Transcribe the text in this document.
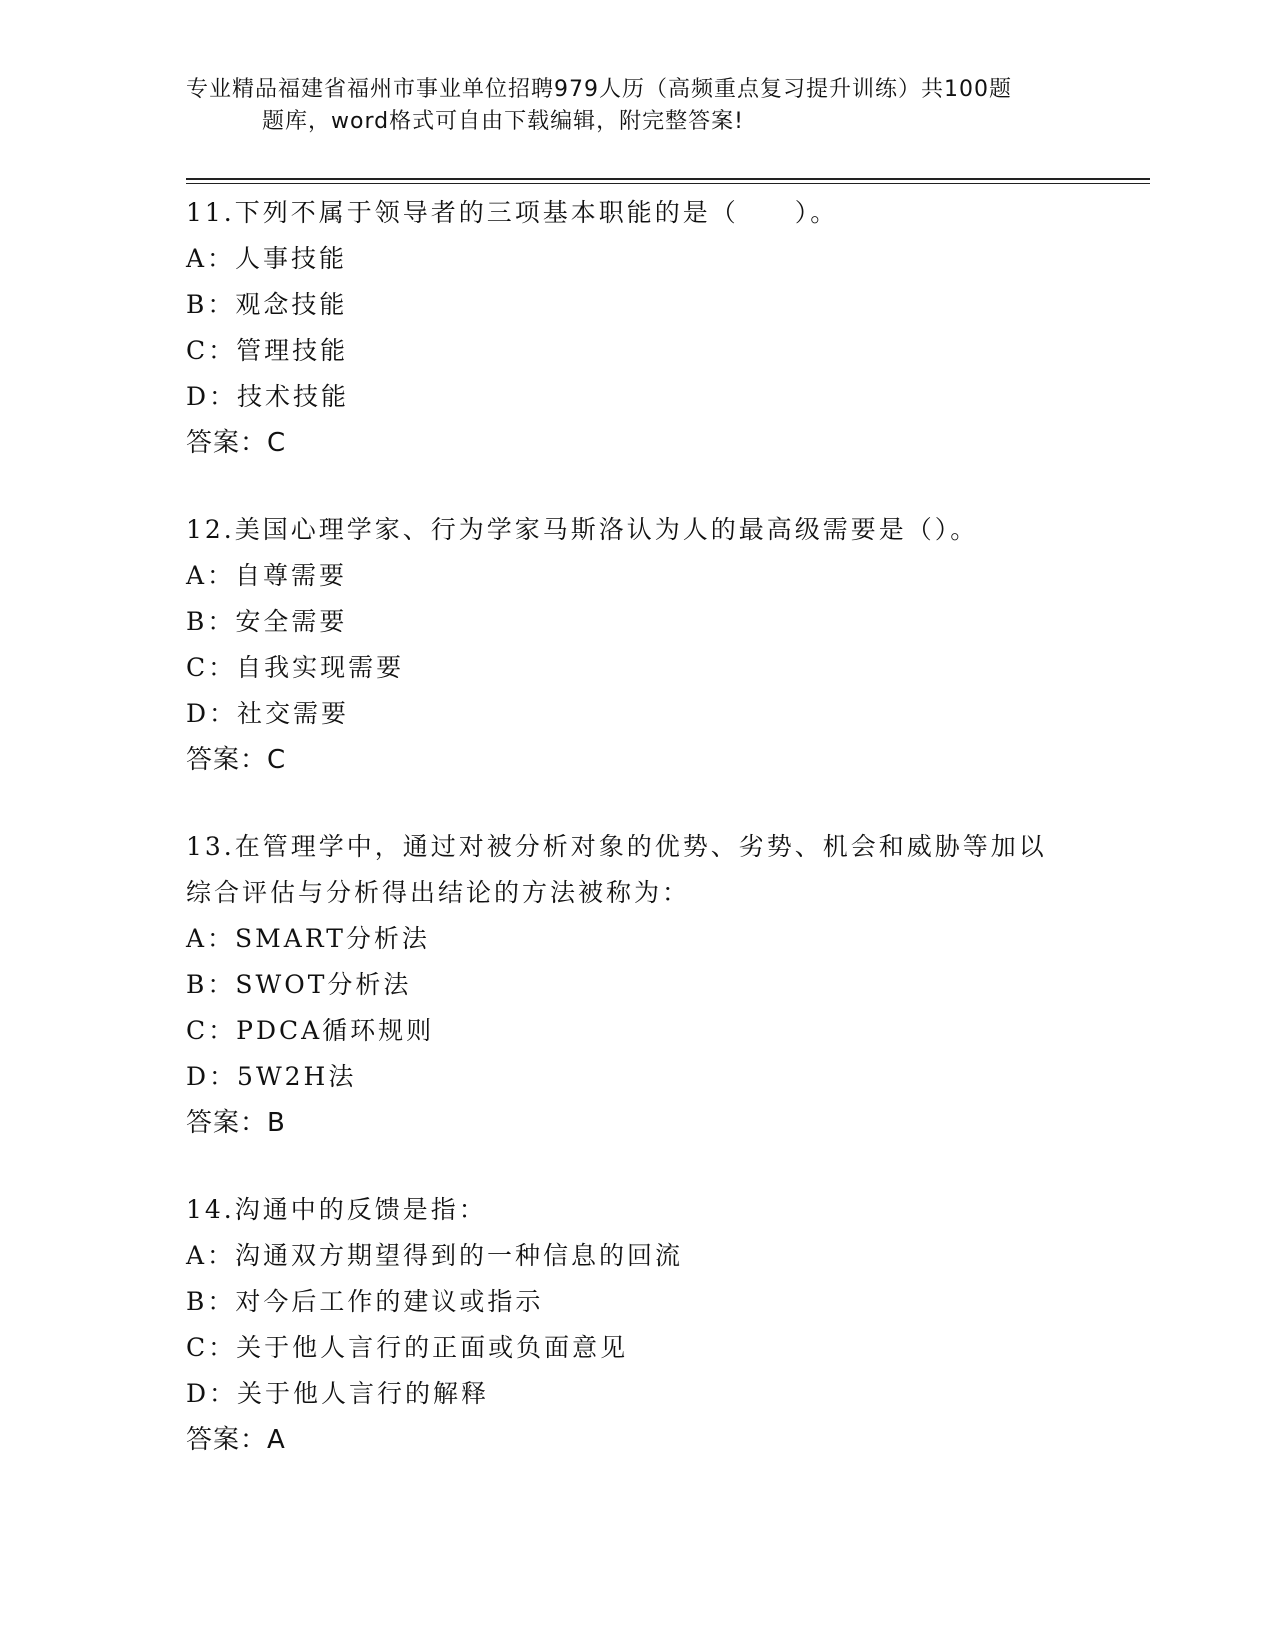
专业精品福建省福州市事业单位招聘979人历（高频重点复习提升训练）共100题
题库，word格式可自由下载编辑，附完整答案!
11.下列不属于领导者的三项基本职能的是（　　）。
A：人事技能
B：观念技能
C：管理技能
D：技术技能
答案：C
12.美国心理学家、行为学家马斯洛认为人的最高级需要是（）。
A：自尊需要
B：安全需要
C：自我实现需要
D：社交需要
答案：C
13.在管理学中，通过对被分析对象的优势、劣势、机会和威胁等加以
综合评估与分析得出结论的方法被称为：
A：SMART分析法
B：SWOT分析法
C：PDCA循环规则
D：5W2H法
答案：B
14.沟通中的反馈是指：
A：沟通双方期望得到的一种信息的回流
B：对今后工作的建议或指示
C：关于他人言行的正面或负面意见
D：关于他人言行的解释
答案：A
